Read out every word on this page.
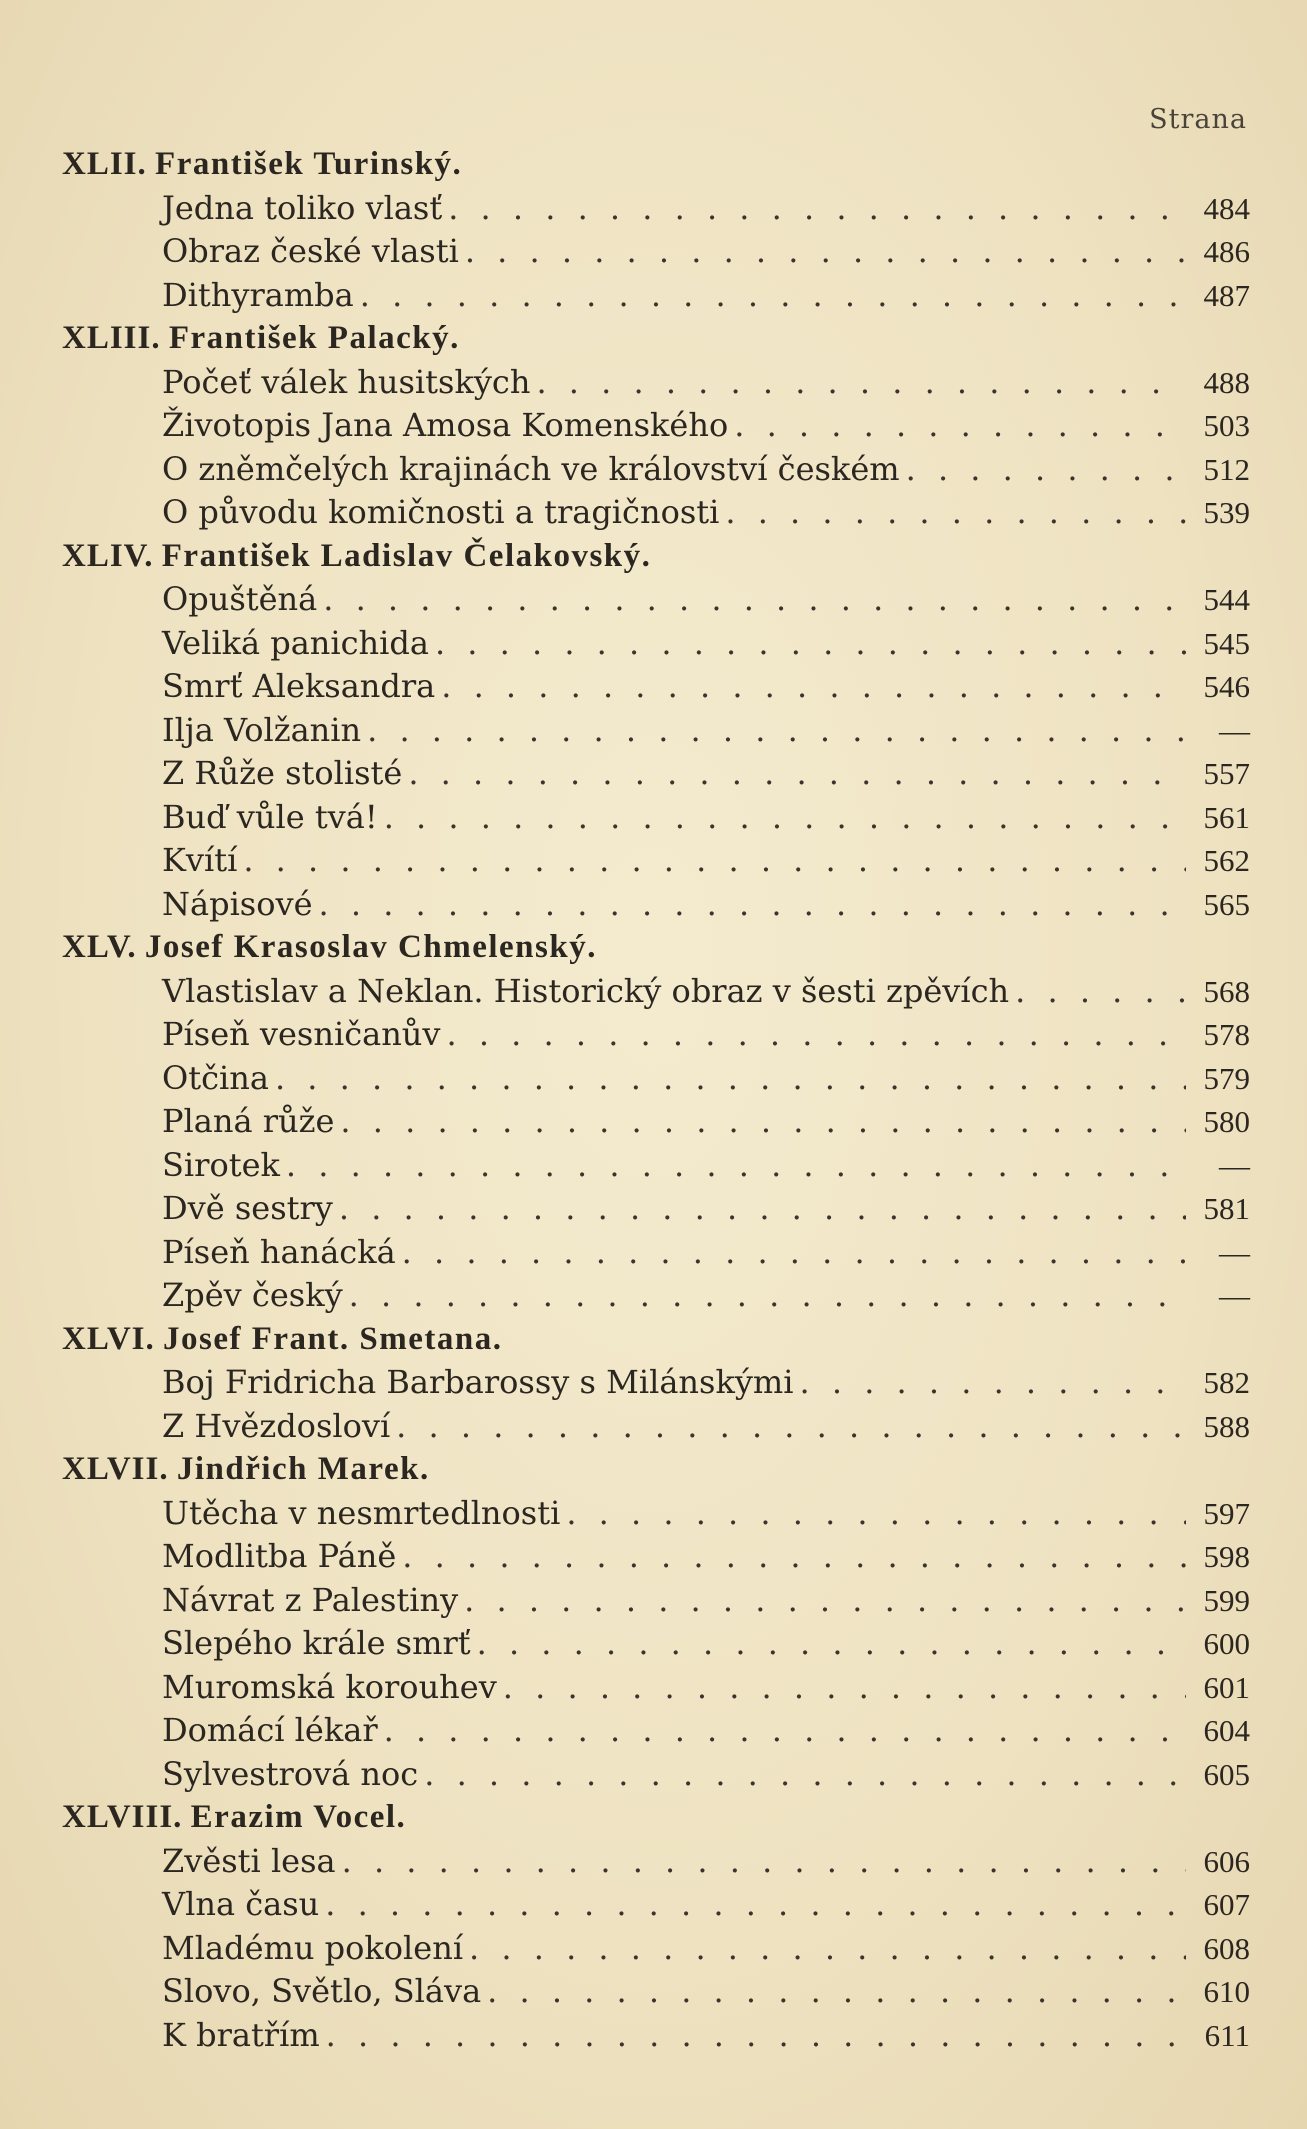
Strana
XLII. František Turinský.
Jedna toliko vlasť . . .	484
Obraz české vlasti . . .	486
Dithyramba . . .	487
XLIII. František Palacký.
Počeť válek husitských . . .	488
Životopis Jana Amosa Komenského . . .	503
O zněmčelých krajinách ve království českém . . .	512
O původu komičnosti a tragičnosti . . .	539
XLIV. František Ladislav Čelakovský.
Opuštěná . . .	544
Veliká panichida . . .	545
Smrť Aleksandra . . .	546
Ilja Volžanin . . .	—
Z Růže stolisté . . .	557
Buď vůle tvá! . . .	561
Kvítí . . .	562
Nápisové . . .	565
XLV. Josef Krasoslav Chmelenský.
Vlastislav a Neklan. Historický obraz v šesti zpěvích . . .	568
Píseň vesničanův . . .	578
Otčina . . .	579
Planá růže . . .	580
Sirotek . . .	—
Dvě sestry . . .	581
Píseň hanácká . . .	—
Zpěv český . . .	—
XLVI. Josef Frant. Smetana.
Boj Fridricha Barbarossy s Milánskými . . .	582
Z Hvězdosloví . . .	588
XLVII. Jindřich Marek.
Utěcha v nesmrtedlnosti . . .	597
Modlitba Páně . . .	598
Návrat z Palestiny . . .	599
Slepého krále smrť . . .	600
Muromská korouhev . . .	601
Domácí lékař . . .	604
Sylvestrová noc . . .	605
XLVIII. Erazim Vocel.
Zvěsti lesa . . .	606
Vlna času . . .	607
Mladému pokolení . . .	608
Slovo, Světlo, Sláva . . .	610
K bratřím . . .	611
